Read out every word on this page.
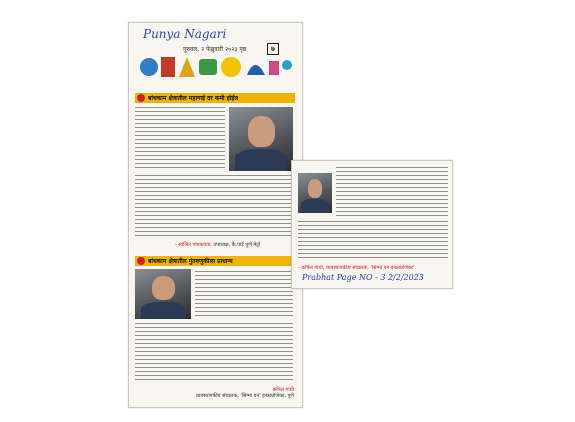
Punya Nagari
गुरुवार, २ फेब्रुवारी २०२३ पृष्ठ	७
बांधकाम क्षेत्रातील महागाई दर कमी होईल
- स्वजित गायकवाड, उपाध्यक्ष, कै.पाई पुणे मेट्रो
बांधकाम क्षेत्रातील गुंतवणुकीला प्राधान्य
कपिल गांधी
व्यवस्थापकीय संचालक, 'सिग्मा वन' इन्फ्राप्रॉजेक्ट, पुणे
- कपिल गांधी, व्यवस्थापकीय संचालक, 'सिग्मा वन इन्फ्राप्रोजेक्ट'
Prabhat Page NO - 3 2/2/2023
